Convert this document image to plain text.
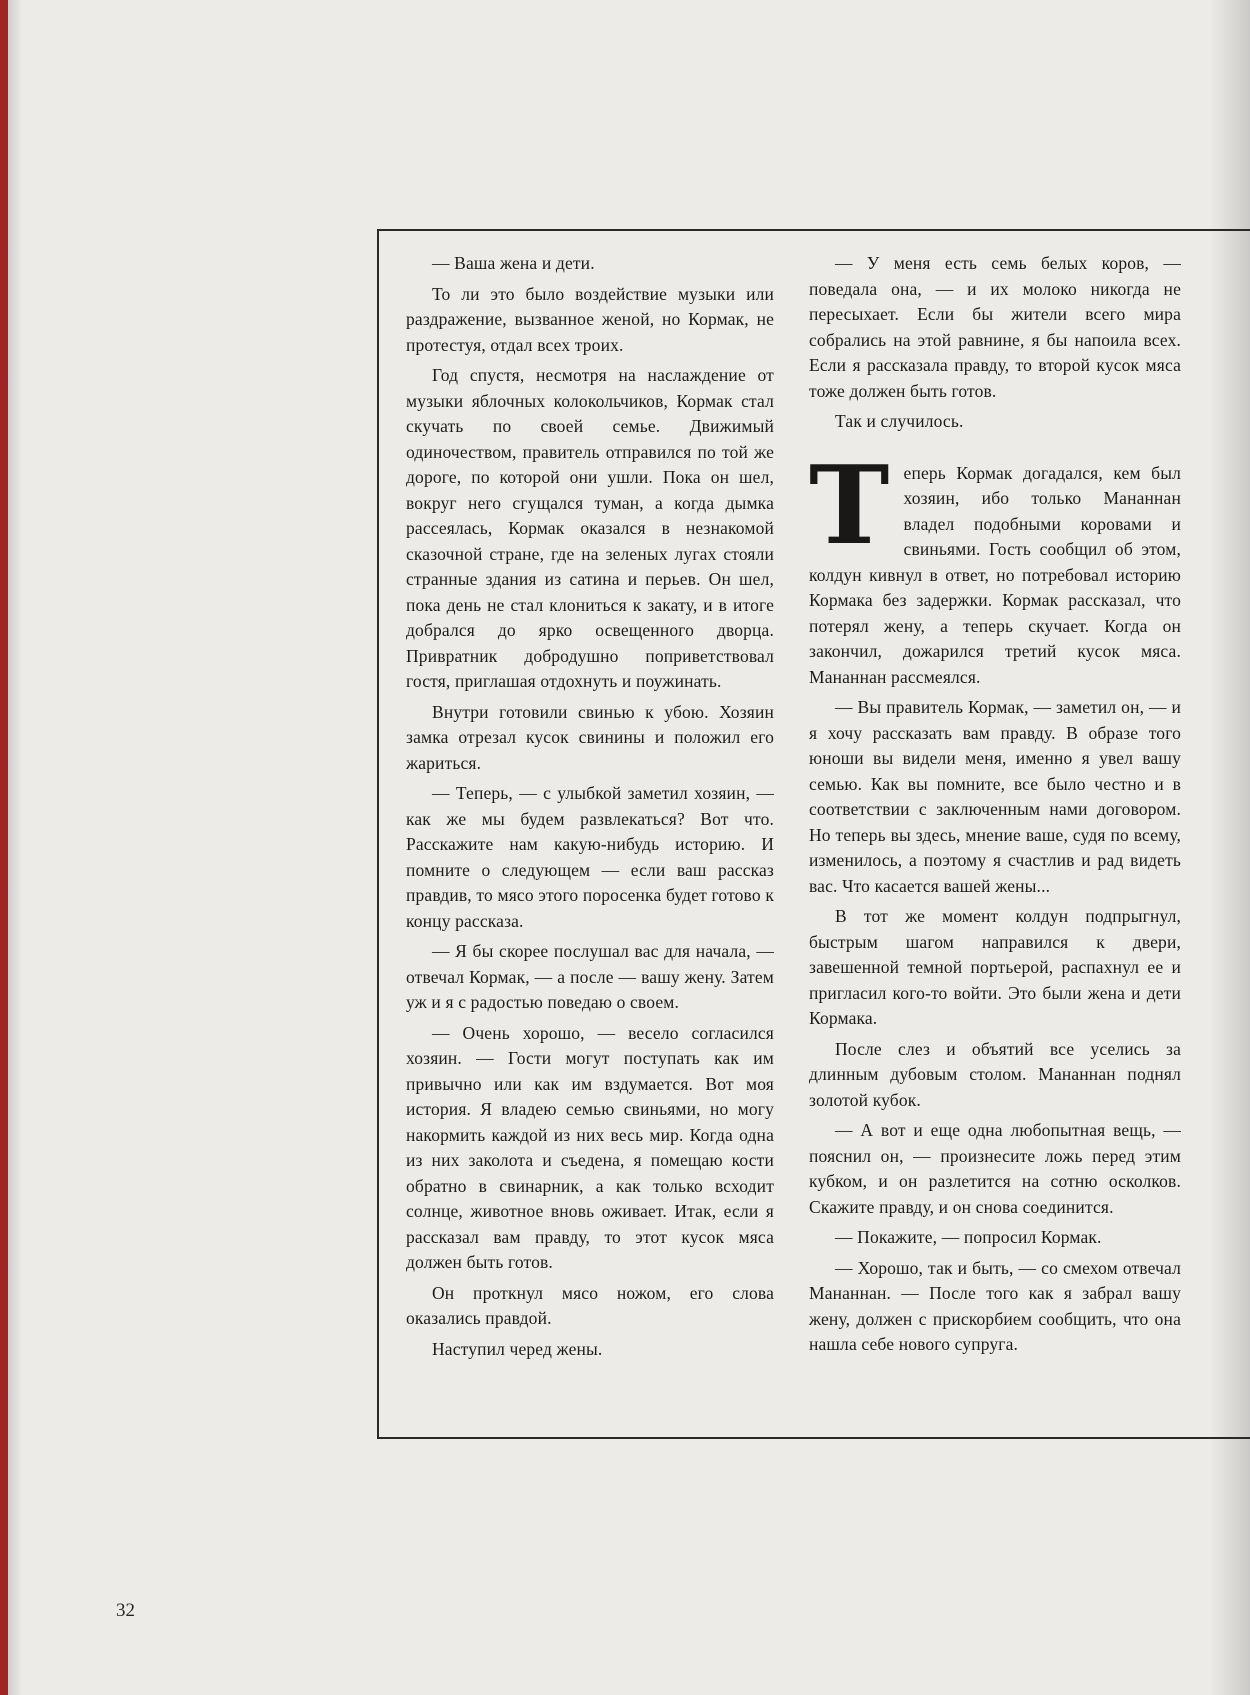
— Ваша жена и дети.

То ли это было воздействие музыки или раздражение, вызванное женой, но Кормак, не протестуя, отдал всех троих.

Год спустя, несмотря на наслаждение от музыки яблочных колокольчиков, Кормак стал скучать по своей семье. Движимый одиночеством, правитель отправился по той же дороге, по которой они ушли. Пока он шел, вокруг него сгущался туман, а когда дымка рассеялась, Кормак оказался в незнакомой сказочной стране, где на зеленых лугах стояли странные здания из сатина и перьев. Он шел, пока день не стал клониться к закату, и в итоге добрался до ярко освещенного дворца. Привратник добродушно поприветствовал гостя, приглашая отдохнуть и поужинать.

Внутри готовили свинью к убою. Хозяин замка отрезал кусок свинины и положил его жариться.

— Теперь, — с улыбкой заметил хозяин, — как же мы будем развлекаться? Вот что. Расскажите нам какую-нибудь историю. И помните о следующем — если ваш рассказ правдив, то мясо этого поросенка будет готово к концу рассказа.

— Я бы скорее послушал вас для начала, — отвечал Кормак, — а после — вашу жену. Затем уж и я с радостью поведаю о своем.

— Очень хорошо, — весело согласился хозяин. — Гости могут поступать как им привычно или как им вздумается. Вот моя история. Я владею семью свиньями, но могу накормить каждой из них весь мир. Когда одна из них заколота и съедена, я помещаю кости обратно в свинарник, а как только всходит солнце, животное вновь оживает. Итак, если я рассказал вам правду, то этот кусок мяса должен быть готов.

Он проткнул мясо ножом, его слова оказались правдой.

Наступил черед жены.

— У меня есть семь белых коров, — поведала она, — и их молоко никогда не пересыхает. Если бы жители всего мира собрались на этой равнине, я бы напоила всех. Если я рассказала правду, то второй кусок мяса тоже должен быть готов.

Так и случилось.

Теперь Кормак догадался, кем был хозяин, ибо только Мананнан владел подобными коровами и свиньями. Гость сообщил об этом, колдун кивнул в ответ, но потребовал историю Кормака без задержки. Кормак рассказал, что потерял жену, а теперь скучает. Когда он закончил, дожарился третий кусок мяса. Мананнан рассмеялся.

— Вы правитель Кормак, — заметил он, — и я хочу рассказать вам правду. В образе того юноши вы видели меня, именно я увел вашу семью. Как вы помните, все было честно и в соответствии с заключенным нами договором. Но теперь вы здесь, мнение ваше, судя по всему, изменилось, а поэтому я счастлив и рад видеть вас. Что касается вашей жены...

В тот же момент колдун подпрыгнул, быстрым шагом направился к двери, завешенной темной портьерой, распахнул ее и пригласил кого-то войти. Это были жена и дети Кормака.

После слез и объятий все уселись за длинным дубовым столом. Мананнан поднял золотой кубок.

— А вот и еще одна любопытная вещь, — пояснил он, — произнесите ложь перед этим кубком, и он разлетится на сотню осколков. Скажите правду, и он снова соединится.

— Покажите, — попросил Кормак.

— Хорошо, так и быть, — со смехом отвечал Мананнан. — После того как я забрал вашу жену, должен с прискорбием сообщить, что она нашла себе нового супруга.

32
